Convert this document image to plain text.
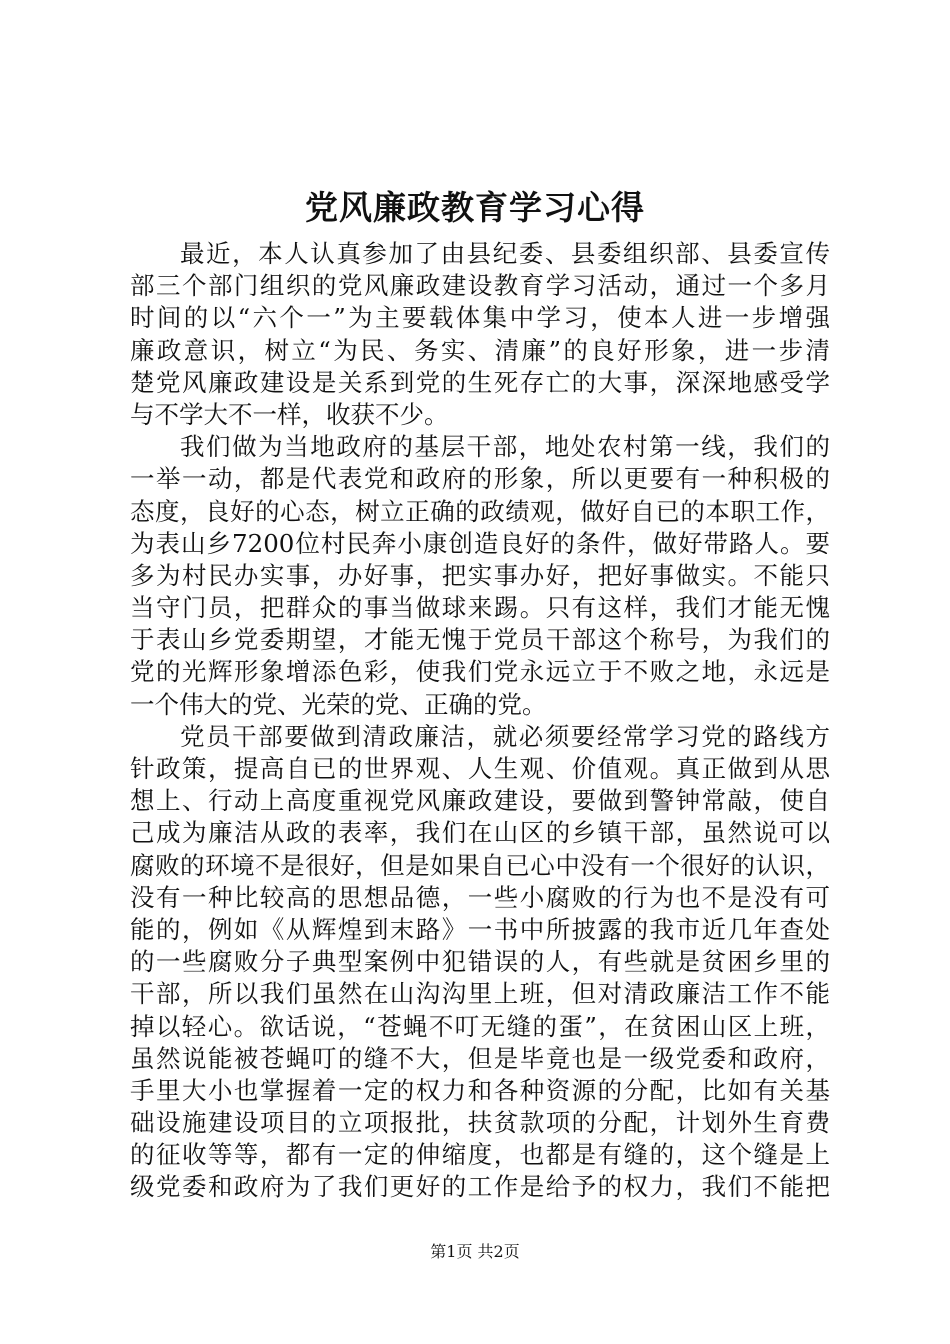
党风廉政教育学习心得
最近，本人认真参加了由县纪委、县委组织部、县委宣传
部三个部门组织的党风廉政建设教育学习活动，通过一个多月
时间的以“六个一”为主要载体集中学习，使本人进一步增强
廉政意识，树立“为民、务实、清廉”的良好形象，进一步清
楚党风廉政建设是关系到党的生死存亡的大事，深深地感受学
与不学大不一样，收获不少。
我们做为当地政府的基层干部，地处农村第一线，我们的
一举一动，都是代表党和政府的形象，所以更要有一种积极的
态度，良好的心态，树立正确的政绩观，做好自已的本职工作，
为表山乡7200位村民奔小康创造良好的条件，做好带路人。要
多为村民办实事，办好事，把实事办好，把好事做实。不能只
当守门员，把群众的事当做球来踢。只有这样，我们才能无愧
于表山乡党委期望，才能无愧于党员干部这个称号，为我们的
党的光辉形象增添色彩，使我们党永远立于不败之地，永远是
一个伟大的党、光荣的党、正确的党。
党员干部要做到清政廉洁，就必须要经常学习党的路线方
针政策，提高自已的世界观、人生观、价值观。真正做到从思
想上、行动上高度重视党风廉政建设，要做到警钟常敲，使自
己成为廉洁从政的表率，我们在山区的乡镇干部，虽然说可以
腐败的环境不是很好，但是如果自已心中没有一个很好的认识，
没有一种比较高的思想品德，一些小腐败的行为也不是没有可
能的，例如《从辉煌到末路》一书中所披露的我市近几年查处
的一些腐败分子典型案例中犯错误的人，有些就是贫困乡里的
干部，所以我们虽然在山沟沟里上班，但对清政廉洁工作不能
掉以轻心。欲话说，“苍蝇不叮无缝的蛋”，在贫困山区上班，
虽然说能被苍蝇叮的缝不大，但是毕竟也是一级党委和政府，
手里大小也掌握着一定的权力和各种资源的分配，比如有关基
础设施建设项目的立项报批，扶贫款项的分配，计划外生育费
的征收等等，都有一定的伸缩度，也都是有缝的，这个缝是上
级党委和政府为了我们更好的工作是给予的权力，我们不能把
第1页 共2页
